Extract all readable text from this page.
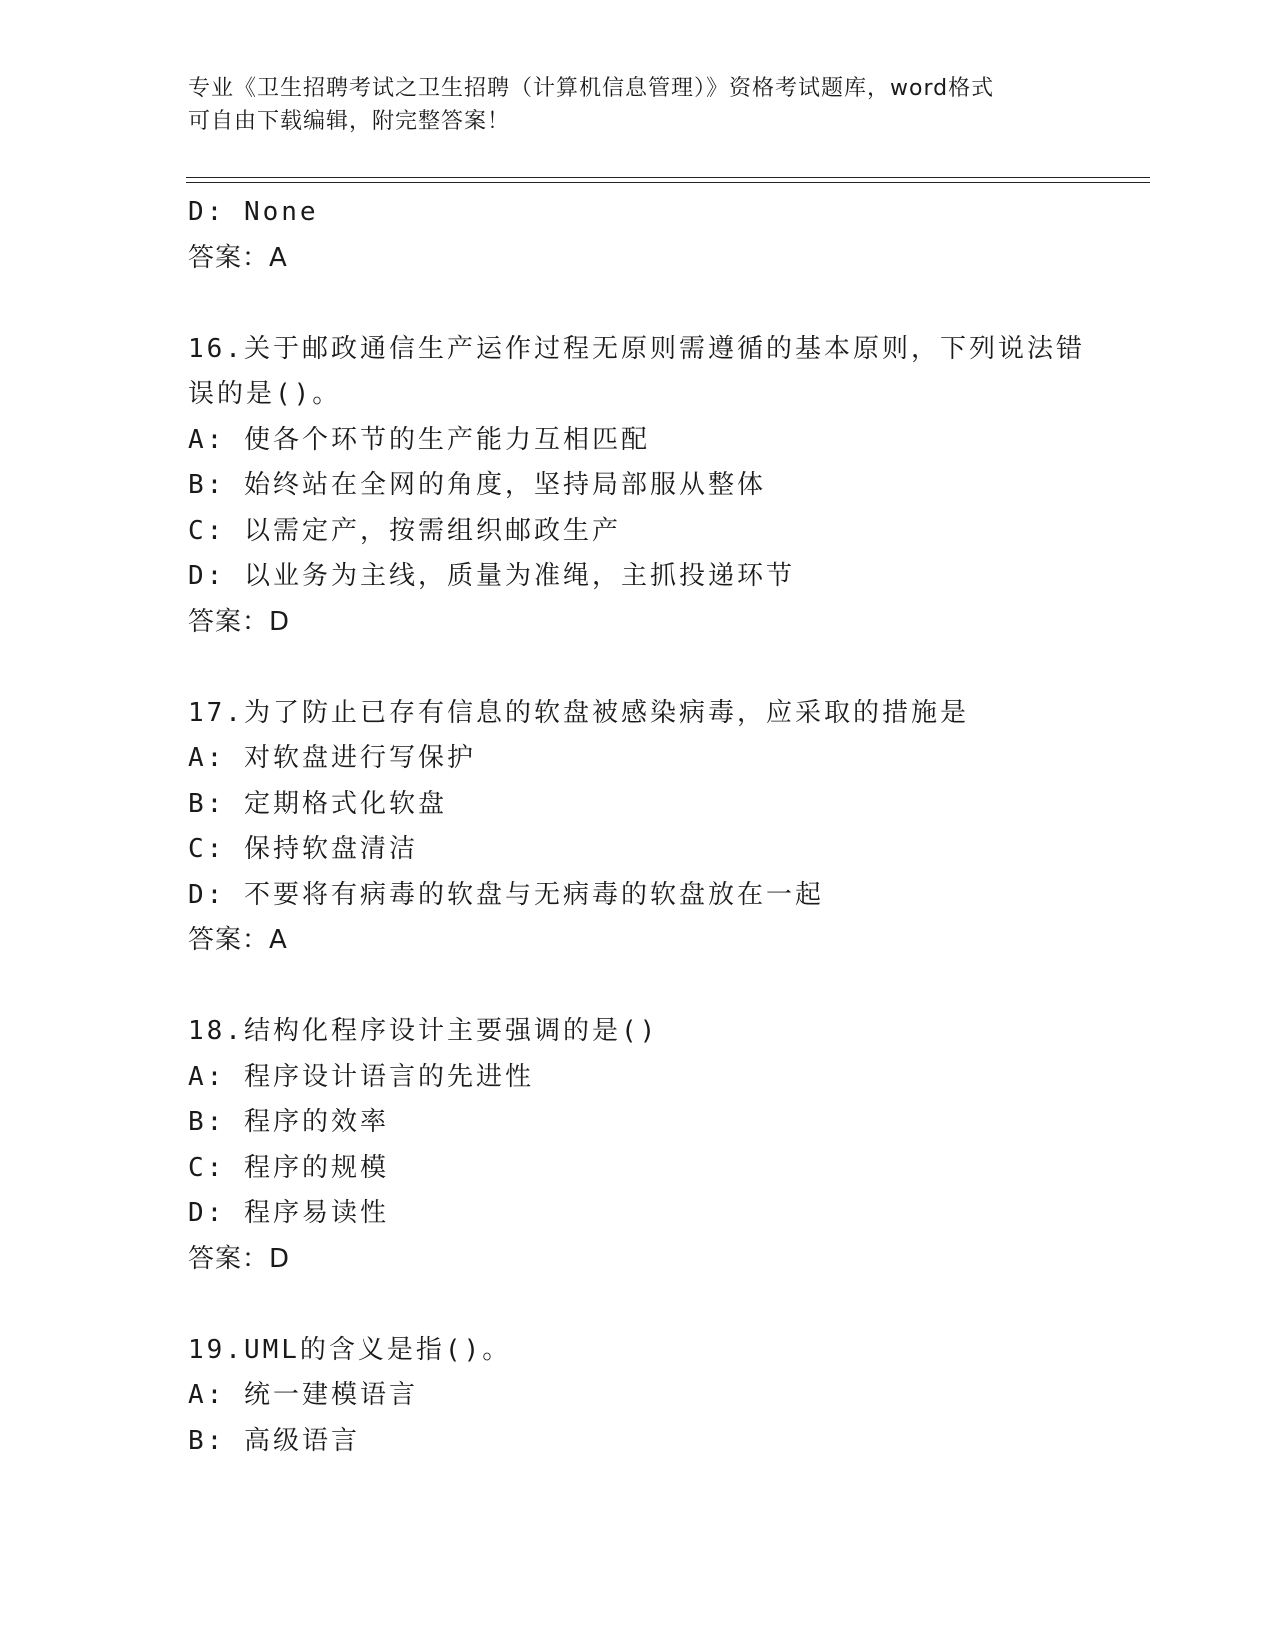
专业《卫生招聘考试之卫生招聘（计算机信息管理）》资格考试题库，word格式
可自由下载编辑，附完整答案！
D: None
答案：A
16.关于邮政通信生产运作过程无原则需遵循的基本原则，下列说法错
误的是()。
A: 使各个环节的生产能力互相匹配
B: 始终站在全网的角度，坚持局部服从整体
C: 以需定产，按需组织邮政生产
D: 以业务为主线，质量为准绳，主抓投递环节
答案：D
17.为了防止已存有信息的软盘被感染病毒，应采取的措施是
A: 对软盘进行写保护
B: 定期格式化软盘
C: 保持软盘清洁
D: 不要将有病毒的软盘与无病毒的软盘放在一起
答案：A
18.结构化程序设计主要强调的是()
A: 程序设计语言的先进性
B: 程序的效率
C: 程序的规模
D: 程序易读性
答案：D
19.UML的含义是指()。
A: 统一建模语言
B: 高级语言
